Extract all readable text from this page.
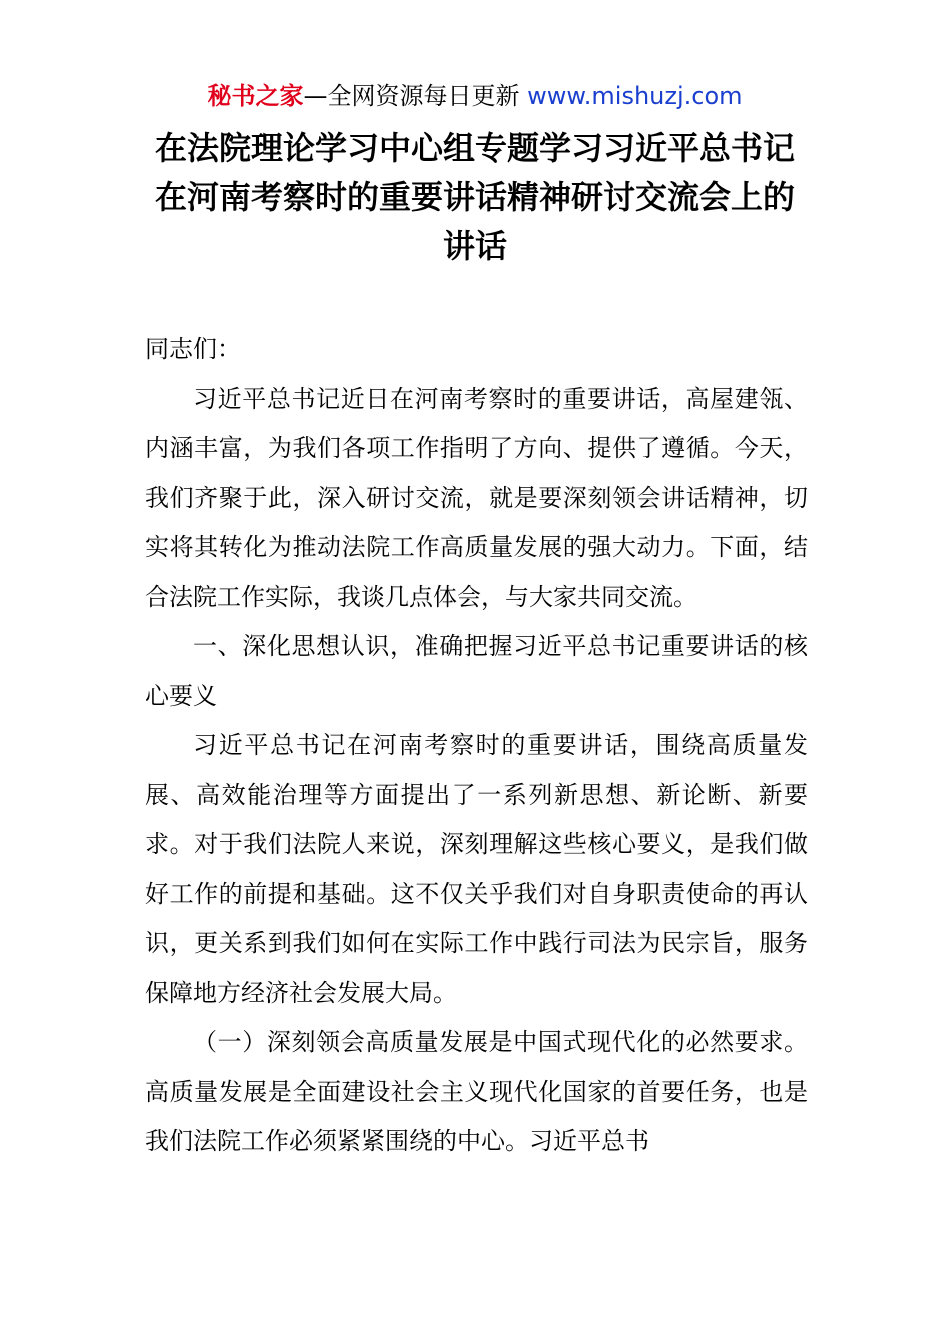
秘书之家—全网资源每日更新 www.mishuzj.com
在法院理论学习中心组专题学习习近平总书记
在河南考察时的重要讲话精神研讨交流会上的
讲话

同志们：

习近平总书记近日在河南考察时的重要讲话，高屋建瓴、内涵丰富，为我们各项工作指明了方向、提供了遵循。今天，我们齐聚于此，深入研讨交流，就是要深刻领会讲话精神，切实将其转化为推动法院工作高质量发展的强大动力。下面，结合法院工作实际，我谈几点体会，与大家共同交流。

一、深化思想认识，准确把握习近平总书记重要讲话的核心要义

习近平总书记在河南考察时的重要讲话，围绕高质量发展、高效能治理等方面提出了一系列新思想、新论断、新要求。对于我们法院人来说，深刻理解这些核心要义，是我们做好工作的前提和基础。这不仅关乎我们对自身职责使命的再认识，更关系到我们如何在实际工作中践行司法为民宗旨，服务保障地方经济社会发展大局。

（一）深刻领会高质量发展是中国式现代化的必然要求。高质量发展是全面建设社会主义现代化国家的首要任务，也是我们法院工作必须紧紧围绕的中心。习近平总书
